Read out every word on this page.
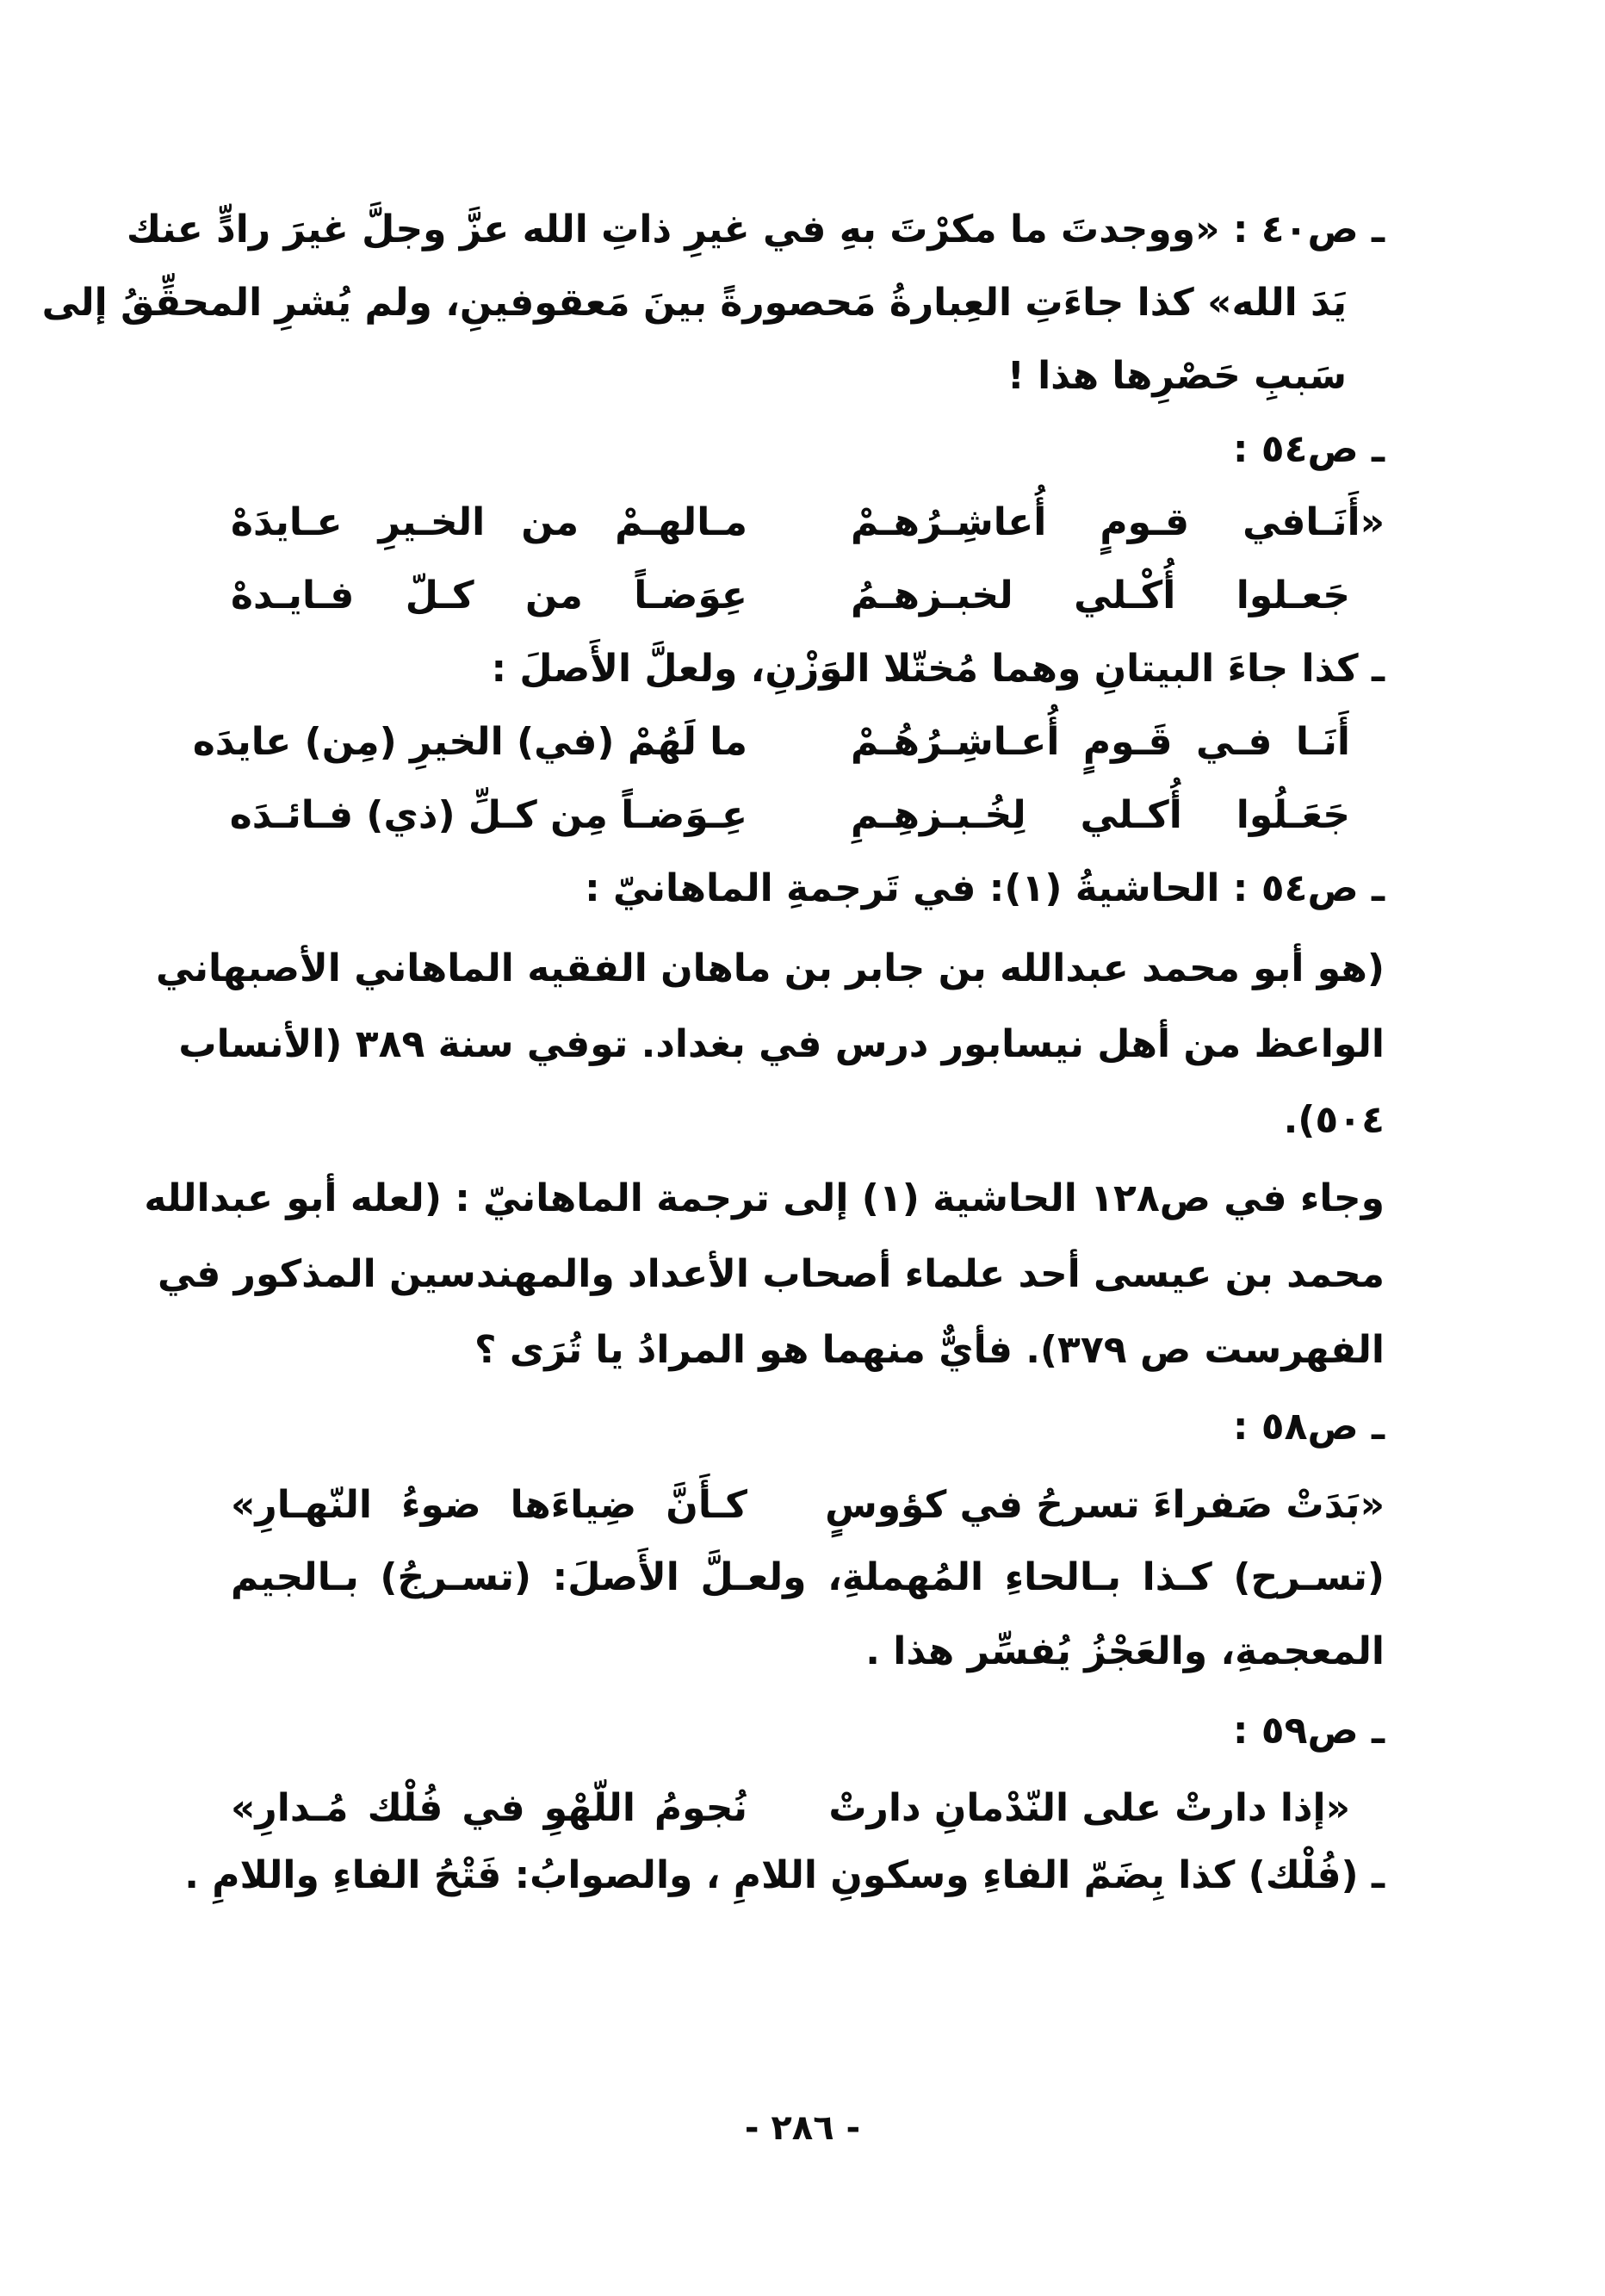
ـ ص٤٠ : «ووجدتَ ما مكرْتَ بهِ في غيرِ ذاتِ الله عزَّ وجلَّ غيرَ رادٍّ عنك
يَدَ الله» كذا جاءَتِ العِبارةُ مَحصورةً بينَ مَعقوفينِ، ولم يُشرِ المحقِّقُ إلى
سَببِ حَصْرِها هذا !
ـ ص٥٤ :
«أَنَـافي قـومٍ أُعاشِـرُهـمْ
مـالهـمْ من الخـيرِ عـايدَهْ
جَعـلوا أُكْـلي لخبـزهـمُ
عِوَضـاً من كـلّ فـايـدهْ
ـ كذا جاءَ البيتانِ وهما مُختّلا الوَزْنِ، ولعلَّ الأَصلَ :
أَنَـا فـي قَـومٍ أُعـاشِـرُهُـمْ
ما لَهُمْ (في) الخيرِ (مِن) عايدَه
جَعَـلُوا أُكـلي لِخُـبـزهِـمِ
عِـوَضـاً مِن كـلِّ (ذي) فـائـدَه
ـ ص٥٤ : الحاشيةُ (١): في تَرجمةِ الماهانيّ :
(هو أبو محمد عبدالله بن جابر بن ماهان الفقيه الماهاني الأصبهاني
الواعظ من أهل نيسابور درس في بغداد. توفي سنة ٣٨٩ (الأنساب
٥٠٤).
وجاء في ص١٢٨ الحاشية (١) إلى ترجمة الماهانيّ : (لعله أبو عبدالله
محمد بن عيسى أحد علماء أصحاب الأعداد والمهندسين المذكور في
الفهرست ص ٣٧٩). فأيٌّ منهما هو المرادُ يا تُرَى ؟
ـ ص٥٨ :
«بَدَتْ صَفراءَ تسرحُ في كؤوسٍ
كـأَنَّ ضِياءَها ضوءُ النّهـارِ»
(تسـرح) كـذا بـالحاءِ المُهملةِ، ولعـلَّ الأَصلَ: (تسـرجُ) بـالجيم
المعجمةِ، والعَجْزُ يُفسِّر هذا .
ـ ص٥٩ :
«إذا دارتْ على النّدْمانِ دارتْ
نُجومُ اللّهْوِ في فُلْك مُـدارِ»
ـ (فُلْك) كذا بِضَمّ الفاءِ وسكونِ اللامِ ، والصوابُ: فَتْحُ الفاءِ واللامِ .
- ٢٨٦ -
